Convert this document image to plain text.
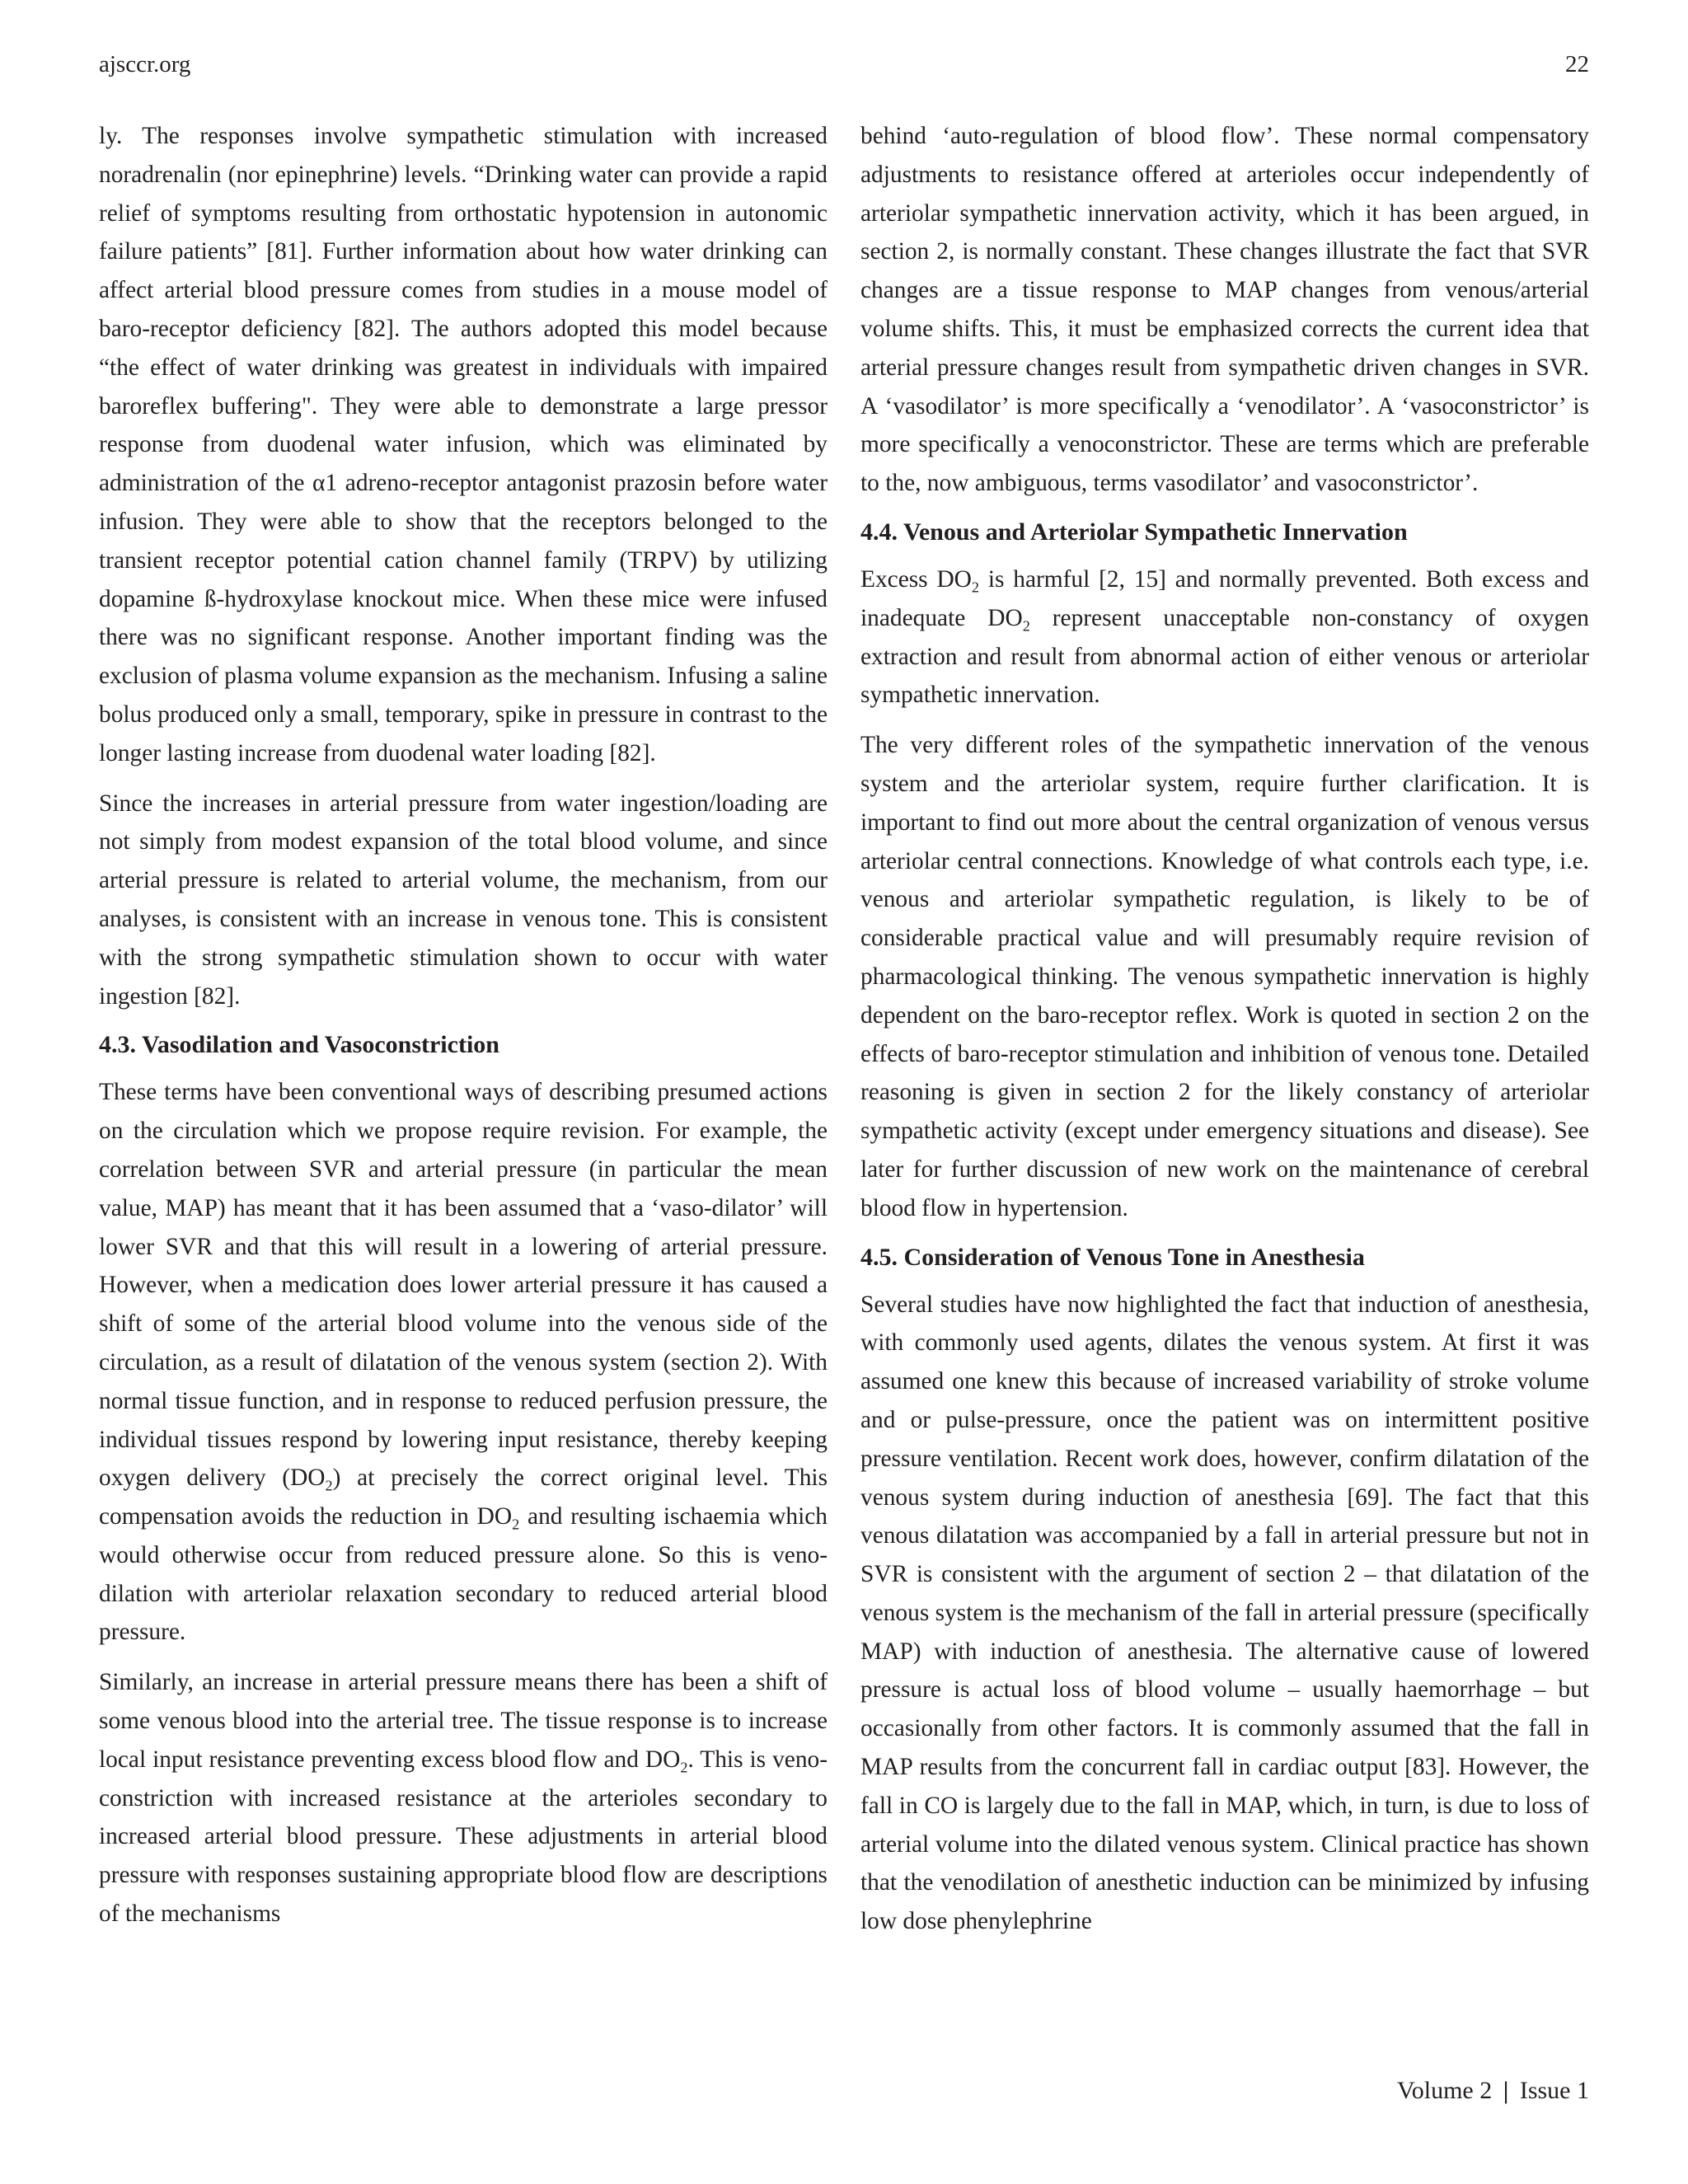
ajsccr.org	22

ly. The responses involve sympathetic stimulation with increased noradrenalin (nor epinephrine) levels. “Drinking water can provide a rapid relief of symptoms resulting from orthostatic hypotension in autonomic failure patients” [81]. Further information about how water drinking can affect arterial blood pressure comes from studies in a mouse model of baro-receptor deficiency [82]. The authors adopted this model because “the effect of water drinking was greatest in individuals with impaired baroreflex buffering". They were able to demonstrate a large pressor response from duodenal water infusion, which was eliminated by administration of the α1 adreno-receptor antagonist prazosin before water infusion. They were able to show that the receptors belonged to the transient receptor potential cation channel family (TRPV) by utilizing dopamine ß-hydroxylase knockout mice. When these mice were infused there was no significant response. Another important finding was the exclusion of plasma volume expansion as the mechanism. Infusing a saline bolus produced only a small, temporary, spike in pressure in contrast to the longer lasting increase from duodenal water loading [82].

Since the increases in arterial pressure from water ingestion/loading are not simply from modest expansion of the total blood volume, and since arterial pressure is related to arterial volume, the mechanism, from our analyses, is consistent with an increase in venous tone. This is consistent with the strong sympathetic stimulation shown to occur with water ingestion [82].

4.3. Vasodilation and Vasoconstriction

These terms have been conventional ways of describing presumed actions on the circulation which we propose require revision. For example, the correlation between SVR and arterial pressure (in particular the mean value, MAP) has meant that it has been assumed that a ‘vaso-dilator’ will lower SVR and that this will result in a lowering of arterial pressure. However, when a medication does lower arterial pressure it has caused a shift of some of the arterial blood volume into the venous side of the circulation, as a result of dilatation of the venous system (section 2). With normal tissue function, and in response to reduced perfusion pressure, the individual tissues respond by lowering input resistance, thereby keeping oxygen delivery $(DO_2)$ at precisely the correct original level. This compensation avoids the reduction in $DO_2$ and resulting ischaemia which would otherwise occur from reduced pressure alone. So this is veno-dilation with arteriolar relaxation secondary to reduced arterial blood pressure.

Similarly, an increase in arterial pressure means there has been a shift of some venous blood into the arterial tree. The tissue response is to increase local input resistance preventing excess blood flow and $DO_2$. This is veno-constriction with increased resistance at the arterioles secondary to increased arterial blood pressure. These adjustments in arterial blood pressure with responses sustaining appropriate blood flow are descriptions of the mechanisms

behind ‘auto-regulation of blood flow’. These normal compensatory adjustments to resistance offered at arterioles occur independently of arteriolar sympathetic innervation activity, which it has been argued, in section 2, is normally constant. These changes illustrate the fact that SVR changes are a tissue response to MAP changes from venous/arterial volume shifts. This, it must be emphasized corrects the current idea that arterial pressure changes result from sympathetic driven changes in SVR. A ‘vasodilator’ is more specifically a ‘venodilator’. A ‘vasoconstrictor’ is more specifically a venoconstrictor. These are terms which are preferable to the, now ambiguous, terms vasodilator’ and vasoconstrictor’.

4.4. Venous and Arteriolar Sympathetic Innervation

Excess $DO_2$ is harmful [2, 15] and normally prevented. Both excess and inadequate $DO_2$ represent unacceptable non-constancy of oxygen extraction and result from abnormal action of either venous or arteriolar sympathetic innervation.

The very different roles of the sympathetic innervation of the venous system and the arteriolar system, require further clarification. It is important to find out more about the central organization of venous versus arteriolar central connections. Knowledge of what controls each type, i.e. venous and arteriolar sympathetic regulation, is likely to be of considerable practical value and will presumably require revision of pharmacological thinking. The venous sympathetic innervation is highly dependent on the baro-receptor reflex. Work is quoted in section 2 on the effects of baro-receptor stimulation and inhibition of venous tone. Detailed reasoning is given in section 2 for the likely constancy of arteriolar sympathetic activity (except under emergency situations and disease). See later for further discussion of new work on the maintenance of cerebral blood flow in hypertension.

4.5. Consideration of Venous Tone in Anesthesia

Several studies have now highlighted the fact that induction of anesthesia, with commonly used agents, dilates the venous system. At first it was assumed one knew this because of increased variability of stroke volume and or pulse-pressure, once the patient was on intermittent positive pressure ventilation. Recent work does, however, confirm dilatation of the venous system during induction of anesthesia [69]. The fact that this venous dilatation was accompanied by a fall in arterial pressure but not in SVR is consistent with the argument of section 2 – that dilatation of the venous system is the mechanism of the fall in arterial pressure (specifically MAP) with induction of anesthesia. The alternative cause of lowered pressure is actual loss of blood volume – usually haemorrhage – but occasionally from other factors. It is commonly assumed that the fall in MAP results from the concurrent fall in cardiac output [83]. However, the fall in CO is largely due to the fall in MAP, which, in turn, is due to loss of arterial volume into the dilated venous system. Clinical practice has shown that the venodilation of anesthetic induction can be minimized by infusing low dose phenylephrine

Volume 2 | Issue 1
